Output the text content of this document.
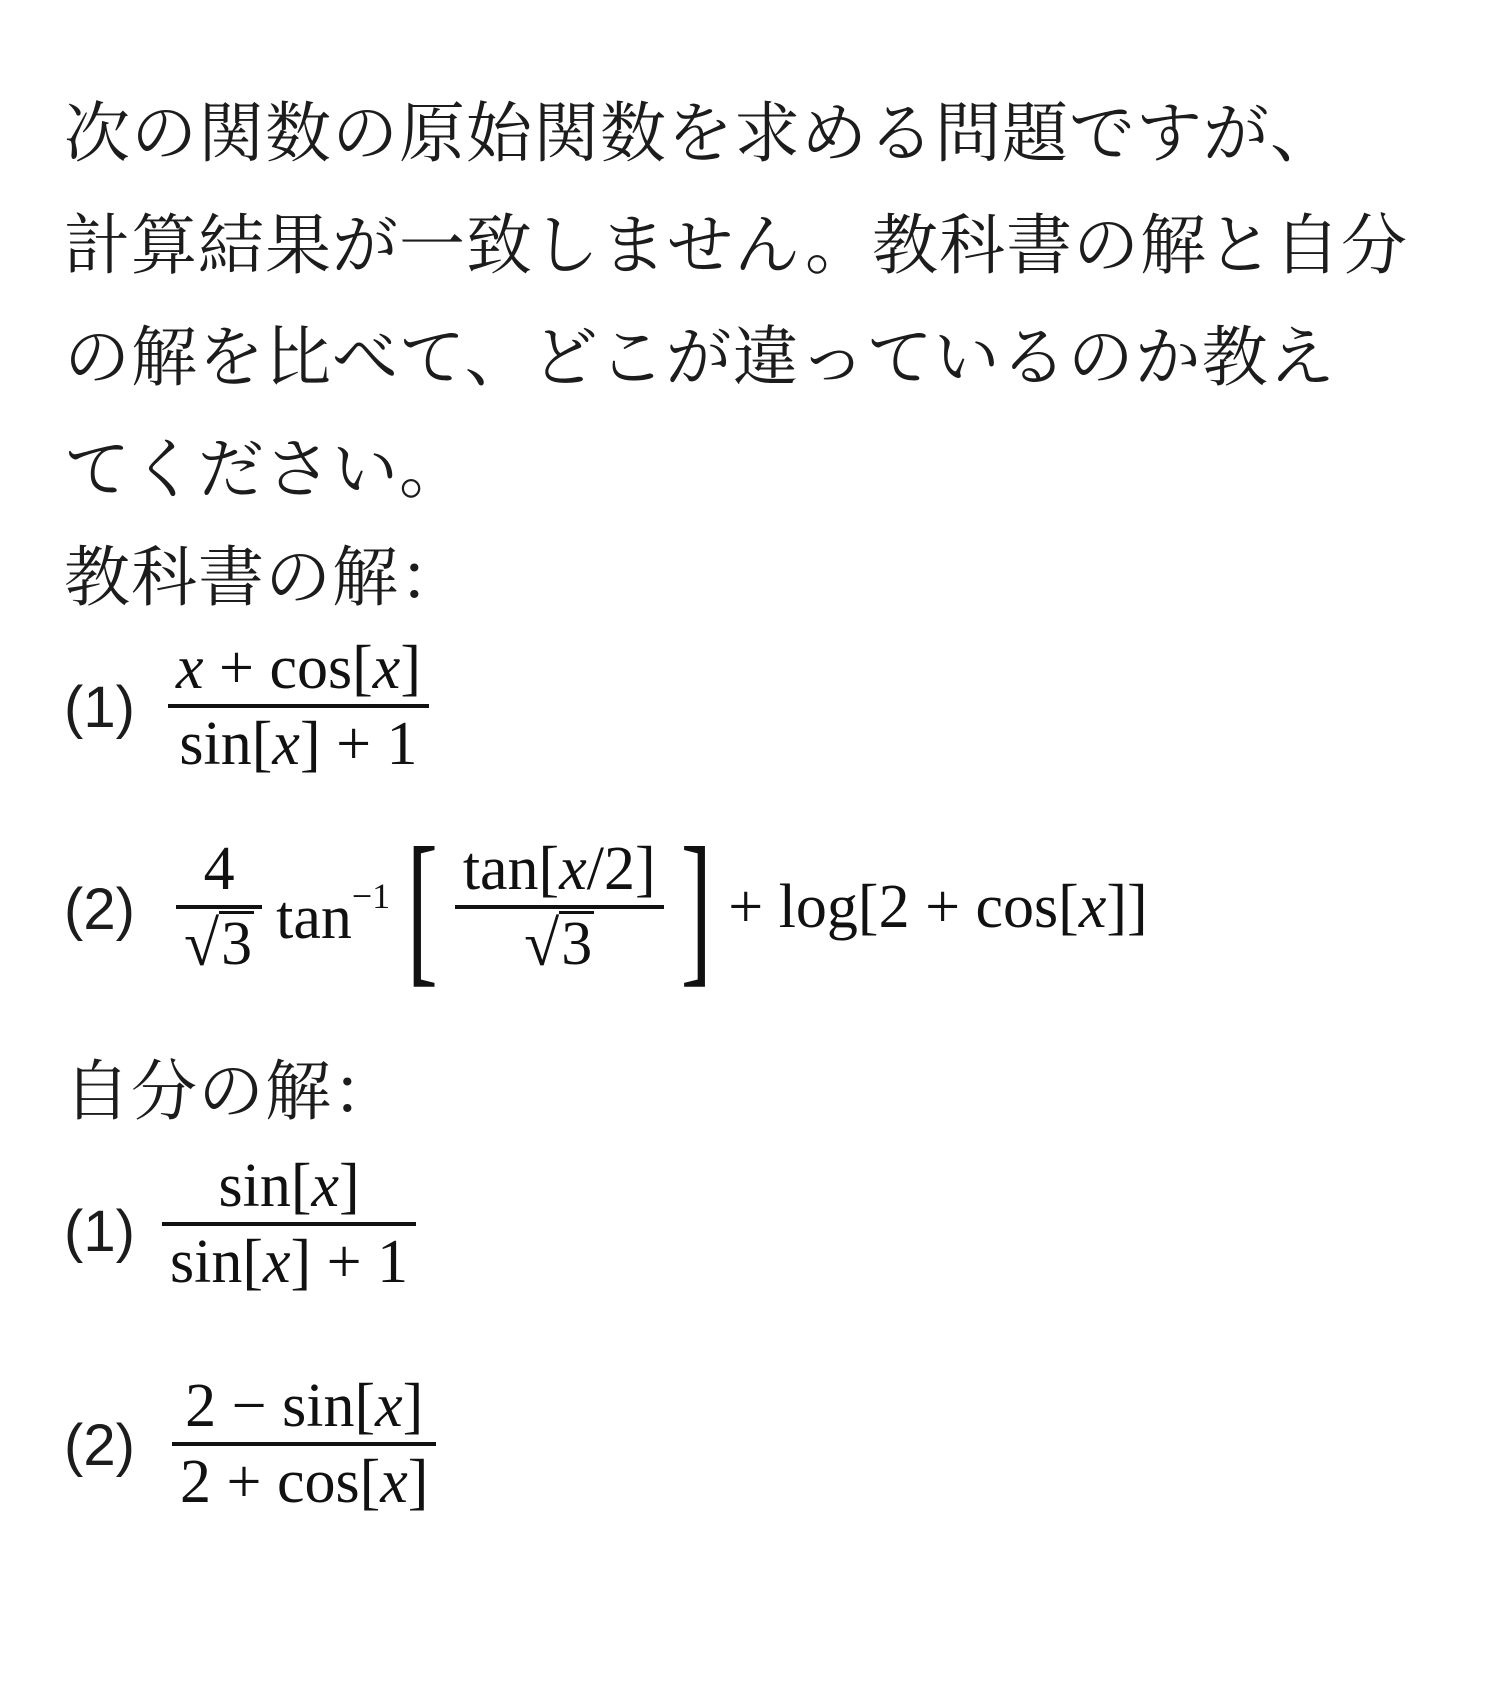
次の関数の原始関数を求める問題ですが、
計算結果が一致しません。教科書の解と自分
の解を比べて、どこが違っているのか教え
てください。
教科書の解：
$(1) \frac{x + \cos[x]}{\sin[x] + 1}$
$(2) \frac{4}{√ 3} \tan^{-1}$ [ $\frac{\tan[x/2]}{√ 3}$ ] + log[2 + cos[x]]
自分の解：
$(1) \frac{\sin[x]}{\sin[x] + 1}$
$(2) \frac{2 - \sin[x]}{2 + \cos[x]}$
